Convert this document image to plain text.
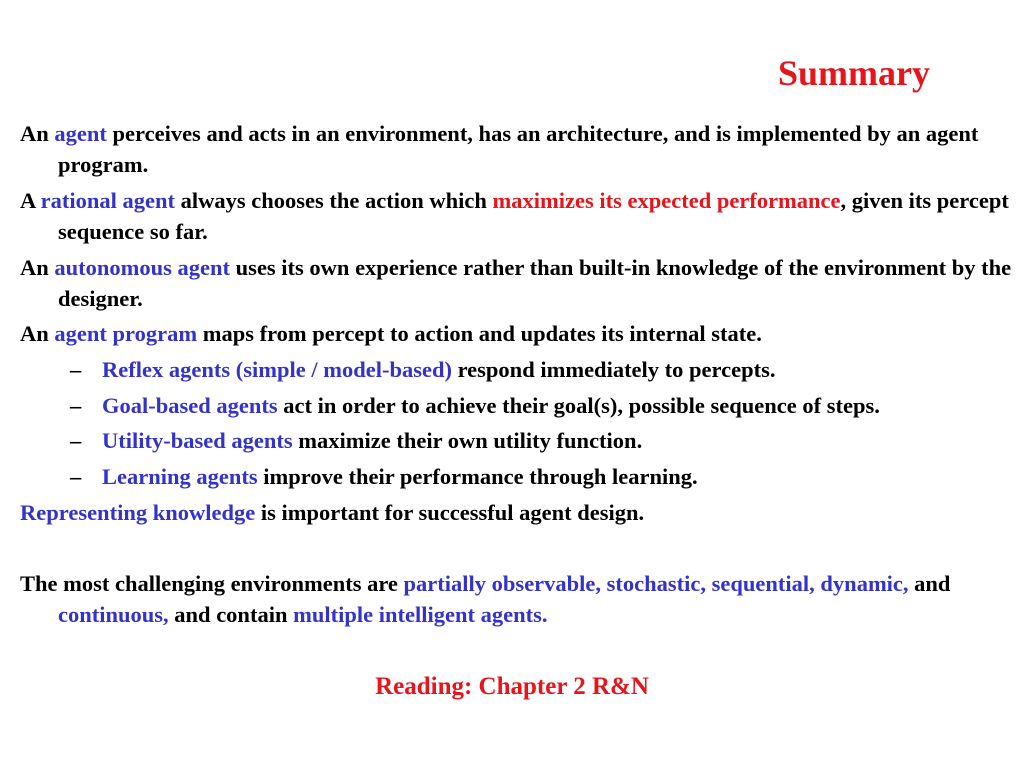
Summary

An agent perceives and acts in an environment, has an architecture, and is implemented by an agent program.

A rational agent always chooses the action which maximizes its expected performance, given its percept sequence so far.

An autonomous agent uses its own experience rather than built-in knowledge of the environment by the designer.

An agent program maps from percept to action and updates its internal state.

– Reflex agents (simple / model-based) respond immediately to percepts.

– Goal-based agents act in order to achieve their goal(s), possible sequence of steps.

– Utility-based agents maximize their own utility function.

– Learning agents improve their performance through learning.

Representing knowledge is important for successful agent design.

The most challenging environments are partially observable, stochastic, sequential, dynamic, and continuous, and contain multiple intelligent agents.

Reading: Chapter 2 R&N
